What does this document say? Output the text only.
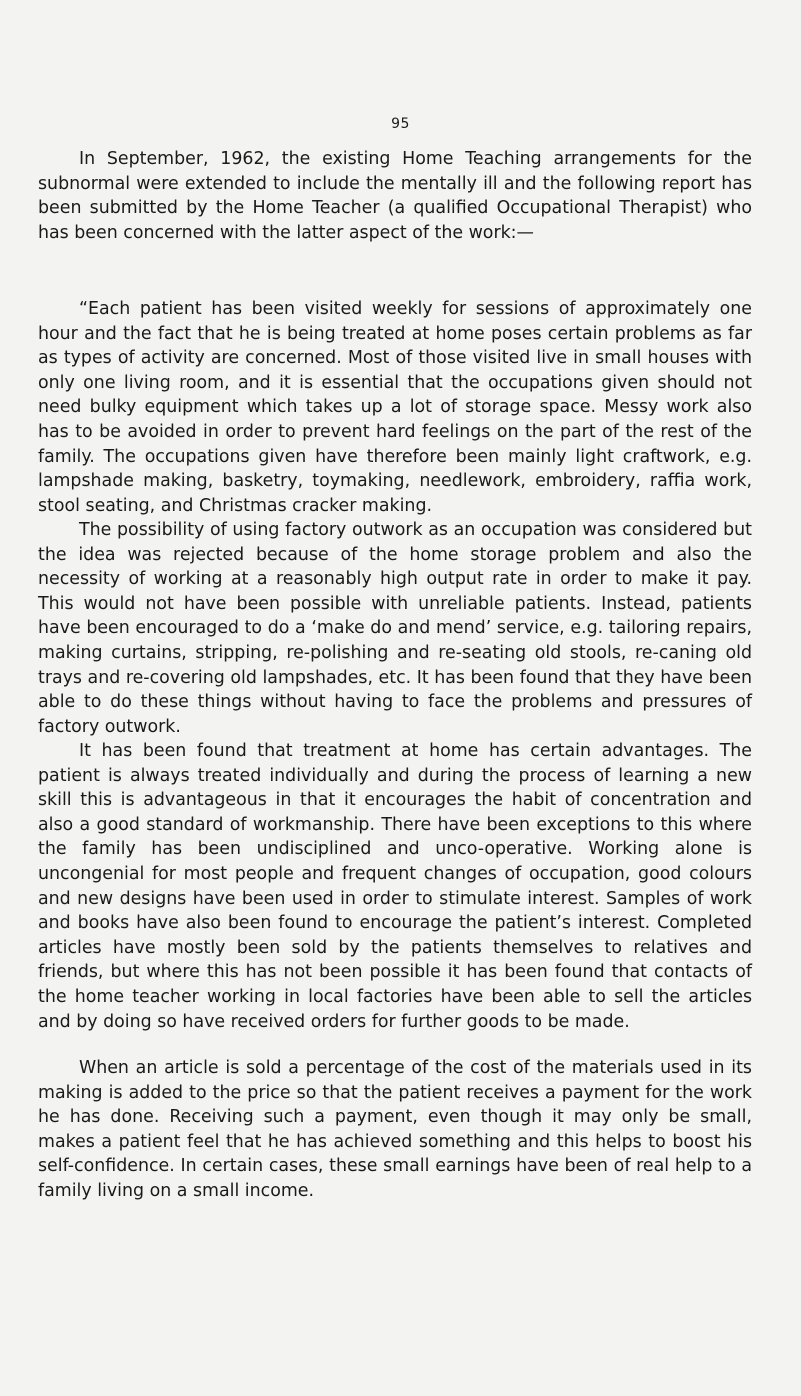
95

In September, 1962, the existing Home Teaching arrangements for the subnormal were extended to include the mentally ill and the following report has been submitted by the Home Teacher (a qualified Occupational Therapist) who has been concerned with the latter aspect of the work:—

“Each patient has been visited weekly for sessions of approximately one hour and the fact that he is being treated at home poses certain problems as far as types of activity are concerned. Most of those visited live in small houses with only one living room, and it is essential that the occupations given should not need bulky equipment which takes up a lot of storage space. Messy work also has to be avoided in order to prevent hard feelings on the part of the rest of the family. The occupations given have therefore been mainly light craftwork, e.g. lampshade making, basketry, toymaking, needlework, embroidery, raffia work, stool seating, and Christmas cracker making.

The possibility of using factory outwork as an occupation was considered but the idea was rejected because of the home storage problem and also the necessity of working at a reasonably high output rate in order to make it pay. This would not have been possible with unreliable patients. Instead, patients have been encouraged to do a ‘make do and mend’ service, e.g. tailoring repairs, making curtains, stripping, re-polishing and re-seating old stools, re-caning old trays and re-covering old lampshades, etc. It has been found that they have been able to do these things without having to face the problems and pressures of factory outwork.

It has been found that treatment at home has certain advantages. The patient is always treated individually and during the process of learning a new skill this is advantageous in that it encourages the habit of concentration and also a good standard of workmanship. There have been exceptions to this where the family has been undisciplined and unco-operative. Working alone is uncongenial for most people and frequent changes of occupation, good colours and new designs have been used in order to stimulate interest. Samples of work and books have also been found to encourage the patient’s interest. Completed articles have mostly been sold by the patients themselves to relatives and friends, but where this has not been possible it has been found that contacts of the home teacher working in local factories have been able to sell the articles and by doing so have received orders for further goods to be made.

When an article is sold a percentage of the cost of the materials used in its making is added to the price so that the patient receives a payment for the work he has done. Receiving such a payment, even though it may only be small, makes a patient feel that he has achieved something and this helps to boost his self-confidence. In certain cases, these small earnings have been of real help to a family living on a small income.
